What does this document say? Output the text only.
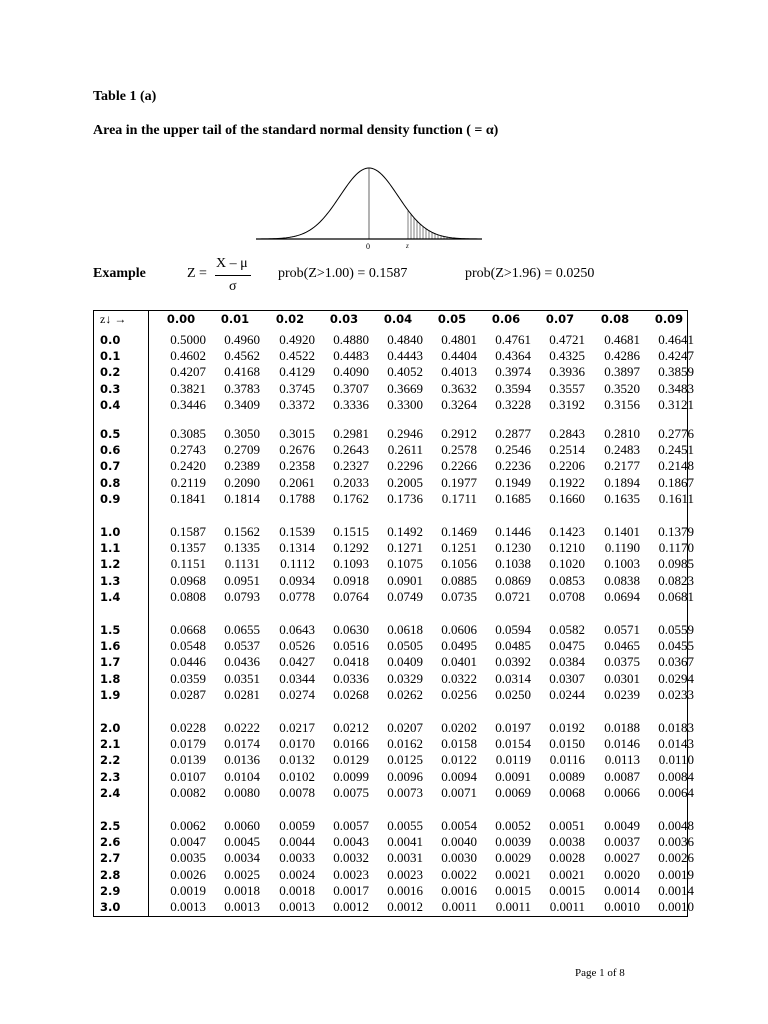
Table 1 (a)
Area in the upper tail of the standard normal density function ( = α)
0	z
Example	Z =
X – μ
σ
prob(Z>1.00) = 0.1587	prob(Z>1.96) = 0.0250
z↓ →	0.00	0.01	0.02	0.03	0.04	0.05	0.06	0.07	0.08	0.09
0.0	0.5000	0.4960	0.4920	0.4880	0.4840	0.4801	0.4761	0.4721	0.4681	0.4641
0.1	0.4602	0.4562	0.4522	0.4483	0.4443	0.4404	0.4364	0.4325	0.4286	0.4247
0.2	0.4207	0.4168	0.4129	0.4090	0.4052	0.4013	0.3974	0.3936	0.3897	0.3859
0.3	0.3821	0.3783	0.3745	0.3707	0.3669	0.3632	0.3594	0.3557	0.3520	0.3483
0.4	0.3446	0.3409	0.3372	0.3336	0.3300	0.3264	0.3228	0.3192	0.3156	0.3121
0.5	0.3085	0.3050	0.3015	0.2981	0.2946	0.2912	0.2877	0.2843	0.2810	0.2776
0.6	0.2743	0.2709	0.2676	0.2643	0.2611	0.2578	0.2546	0.2514	0.2483	0.2451
0.7	0.2420	0.2389	0.2358	0.2327	0.2296	0.2266	0.2236	0.2206	0.2177	0.2148
0.8	0.2119	0.2090	0.2061	0.2033	0.2005	0.1977	0.1949	0.1922	0.1894	0.1867
0.9	0.1841	0.1814	0.1788	0.1762	0.1736	0.1711	0.1685	0.1660	0.1635	0.1611
1.0	0.1587	0.1562	0.1539	0.1515	0.1492	0.1469	0.1446	0.1423	0.1401	0.1379
1.1	0.1357	0.1335	0.1314	0.1292	0.1271	0.1251	0.1230	0.1210	0.1190	0.1170
1.2	0.1151	0.1131	0.1112	0.1093	0.1075	0.1056	0.1038	0.1020	0.1003	0.0985
1.3	0.0968	0.0951	0.0934	0.0918	0.0901	0.0885	0.0869	0.0853	0.0838	0.0823
1.4	0.0808	0.0793	0.0778	0.0764	0.0749	0.0735	0.0721	0.0708	0.0694	0.0681
1.5	0.0668	0.0655	0.0643	0.0630	0.0618	0.0606	0.0594	0.0582	0.0571	0.0559
1.6	0.0548	0.0537	0.0526	0.0516	0.0505	0.0495	0.0485	0.0475	0.0465	0.0455
1.7	0.0446	0.0436	0.0427	0.0418	0.0409	0.0401	0.0392	0.0384	0.0375	0.0367
1.8	0.0359	0.0351	0.0344	0.0336	0.0329	0.0322	0.0314	0.0307	0.0301	0.0294
1.9	0.0287	0.0281	0.0274	0.0268	0.0262	0.0256	0.0250	0.0244	0.0239	0.0233
2.0	0.0228	0.0222	0.0217	0.0212	0.0207	0.0202	0.0197	0.0192	0.0188	0.0183
2.1	0.0179	0.0174	0.0170	0.0166	0.0162	0.0158	0.0154	0.0150	0.0146	0.0143
2.2	0.0139	0.0136	0.0132	0.0129	0.0125	0.0122	0.0119	0.0116	0.0113	0.0110
2.3	0.0107	0.0104	0.0102	0.0099	0.0096	0.0094	0.0091	0.0089	0.0087	0.0084
2.4	0.0082	0.0080	0.0078	0.0075	0.0073	0.0071	0.0069	0.0068	0.0066	0.0064
2.5	0.0062	0.0060	0.0059	0.0057	0.0055	0.0054	0.0052	0.0051	0.0049	0.0048
2.6	0.0047	0.0045	0.0044	0.0043	0.0041	0.0040	0.0039	0.0038	0.0037	0.0036
2.7	0.0035	0.0034	0.0033	0.0032	0.0031	0.0030	0.0029	0.0028	0.0027	0.0026
2.8	0.0026	0.0025	0.0024	0.0023	0.0023	0.0022	0.0021	0.0021	0.0020	0.0019
2.9	0.0019	0.0018	0.0018	0.0017	0.0016	0.0016	0.0015	0.0015	0.0014	0.0014
3.0	0.0013	0.0013	0.0013	0.0012	0.0012	0.0011	0.0011	0.0011	0.0010	0.0010
Page 1 of 8
